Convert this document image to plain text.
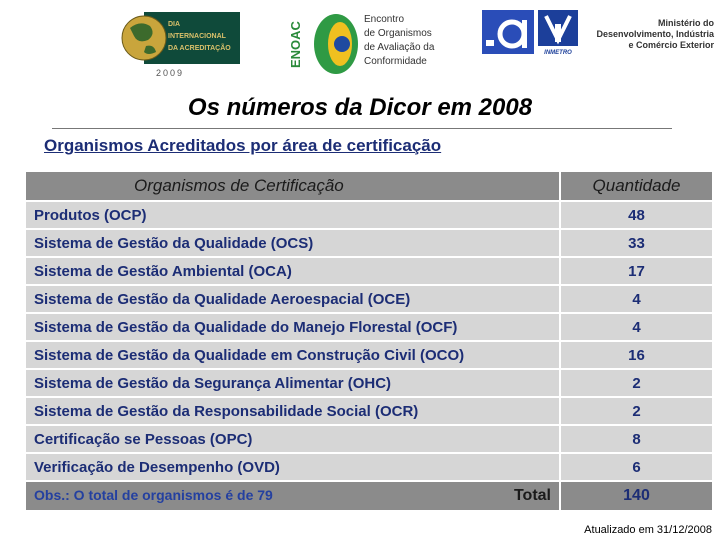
DIA
INTERNACIONAL
DA ACREDITAÇÃO
2009
ENOAC
Encontro
de Organismos
de Avaliação da
Conformidade
INMETRO
Ministério do
Desenvolvimento, Indústria
e Comércio Exterior
Os números da Dicor em 2008
Organismos Acreditados por área de certificação
Organismos de Certificação	Quantidade
Produtos (OCP)	48
Sistema de Gestão da Qualidade (OCS)	33
Sistema de Gestão Ambiental (OCA)	17
Sistema de Gestão da Qualidade Aeroespacial (OCE)	4
Sistema de Gestão da Qualidade do Manejo Florestal (OCF)	4
Sistema de Gestão da Qualidade em Construção Civil (OCO)	16
Sistema de Gestão da Segurança Alimentar (OHC)	2
Sistema de Gestão da Responsabilidade Social (OCR)	2
Certificação se Pessoas (OPC)	8
Verificação de Desempenho (OVD)	6
Obs.: O total de organismos é de 79 Total	140
Atualizado em 31/12/2008
